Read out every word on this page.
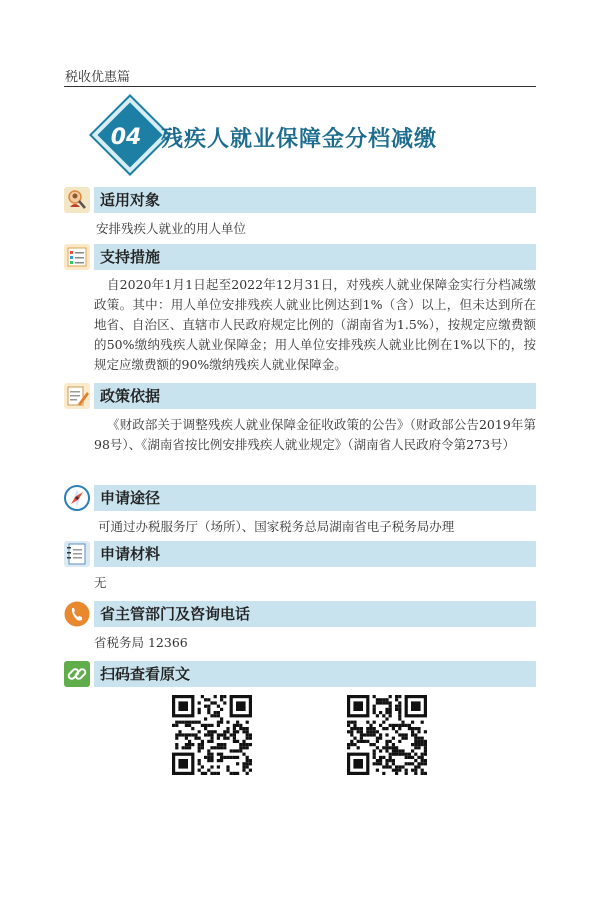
税收优惠篇
04 残疾人就业保障金分档减缴
适用对象
安排残疾人就业的用人单位
支持措施
自2020年1月1日起至2022年12月31日，对残疾人就业保障金实行分档减缴政策。其中：用人单位安排残疾人就业比例达到1%（含）以上，但未达到所在地省、自治区、直辖市人民政府规定比例的（湖南省为1.5%），按规定应缴费额的50%缴纳残疾人就业保障金；用人单位安排残疾人就业比例在1%以下的，按规定应缴费额的90%缴纳残疾人就业保障金。
政策依据
《财政部关于调整残疾人就业保障金征收政策的公告》（财政部公告2019年第98号）、《湖南省按比例安排残疾人就业规定》（湖南省人民政府令第273号）
申请途径
可通过办税服务厅（场所）、国家税务总局湖南省电子税务局办理
申请材料
无
省主管部门及咨询电话
省税务局 12366
扫码查看原文
